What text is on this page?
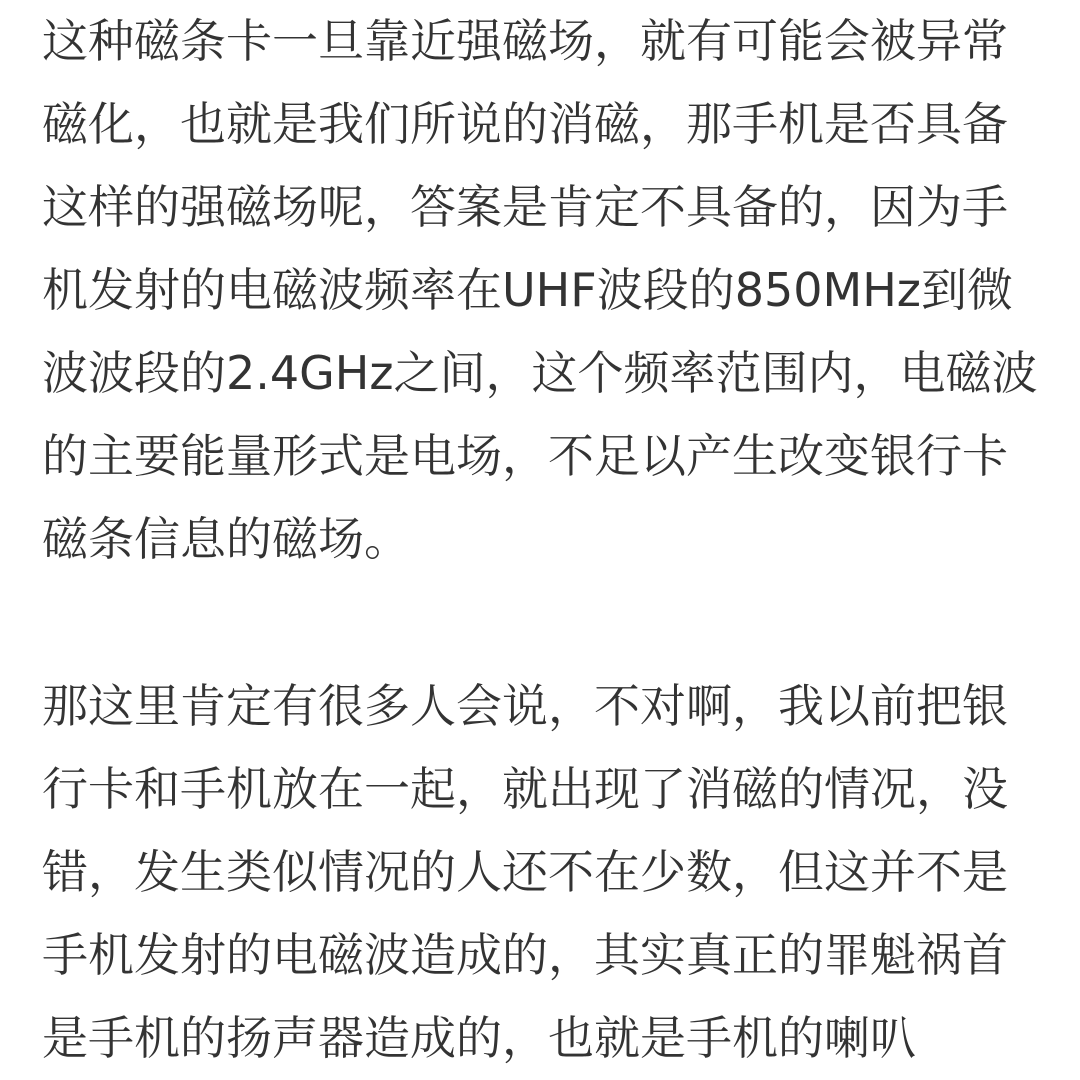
这种磁条卡一旦靠近强磁场，就有可能会被异常
磁化，也就是我们所说的消磁，那手机是否具备
这样的强磁场呢，答案是肯定不具备的，因为手
机发射的电磁波频率在UHF波段的850MHz到微
波波段的2.4GHz之间，这个频率范围内，电磁波
的主要能量形式是电场，不足以产生改变银行卡
磁条信息的磁场。
那这里肯定有很多人会说，不对啊，我以前把银
行卡和手机放在一起，就出现了消磁的情况，没
错，发生类似情况的人还不在少数，但这并不是
手机发射的电磁波造成的，其实真正的罪魁祸首
是手机的扬声器造成的，也就是手机的喇叭
